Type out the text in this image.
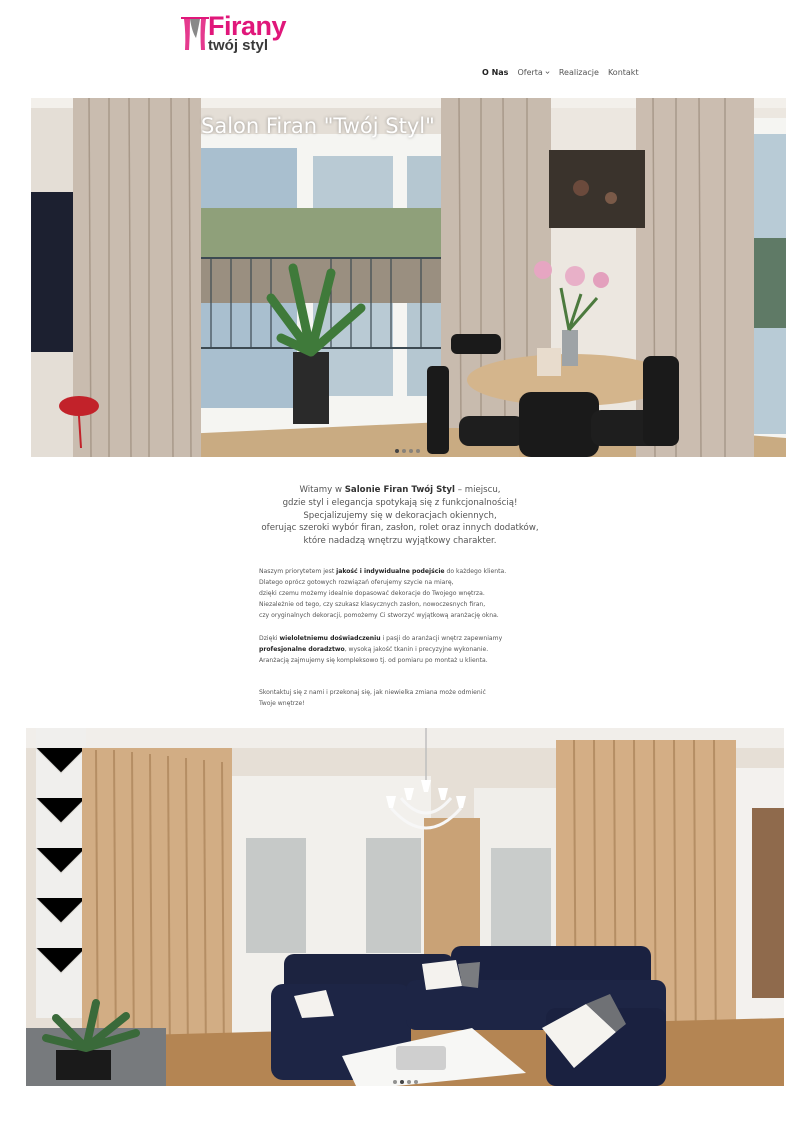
Firany
twój styl
O Nas Oferta	Realizacje Kontakt
Salon Firan "Twój Styl"
Witamy w Salonie Firan Twój Styl – miejscu,
gdzie styl i elegancja spotykają się z funkcjonalnością!
Specjalizujemy się w dekoracjach okiennych,
oferując szeroki wybór firan, zasłon, rolet oraz innych dodatków,
które nadadzą wnętrzu wyjątkowy charakter.
Naszym priorytetem jest jakość i indywidualne podejście do każdego klienta.
Dlatego oprócz gotowych rozwiązań oferujemy szycie na miarę,
dzięki czemu możemy idealnie dopasować dekoracje do Twojego wnętrza.
Niezależnie od tego, czy szukasz klasycznych zasłon, nowoczesnych firan,
czy oryginalnych dekoracji, pomożemy Ci stworzyć wyjątkową aranżację okna.
Dzięki wieloletniemu doświadczeniu i pasji do aranżacji wnętrz zapewniamy
profesjonalne doradztwo, wysoką jakość tkanin i precyzyjne wykonanie.
Aranżacją zajmujemy się kompleksowo tj. od pomiaru po montaż u klienta.
Skontaktuj się z nami i przekonaj się, jak niewielka zmiana może odmienić
Twoje wnętrze!
